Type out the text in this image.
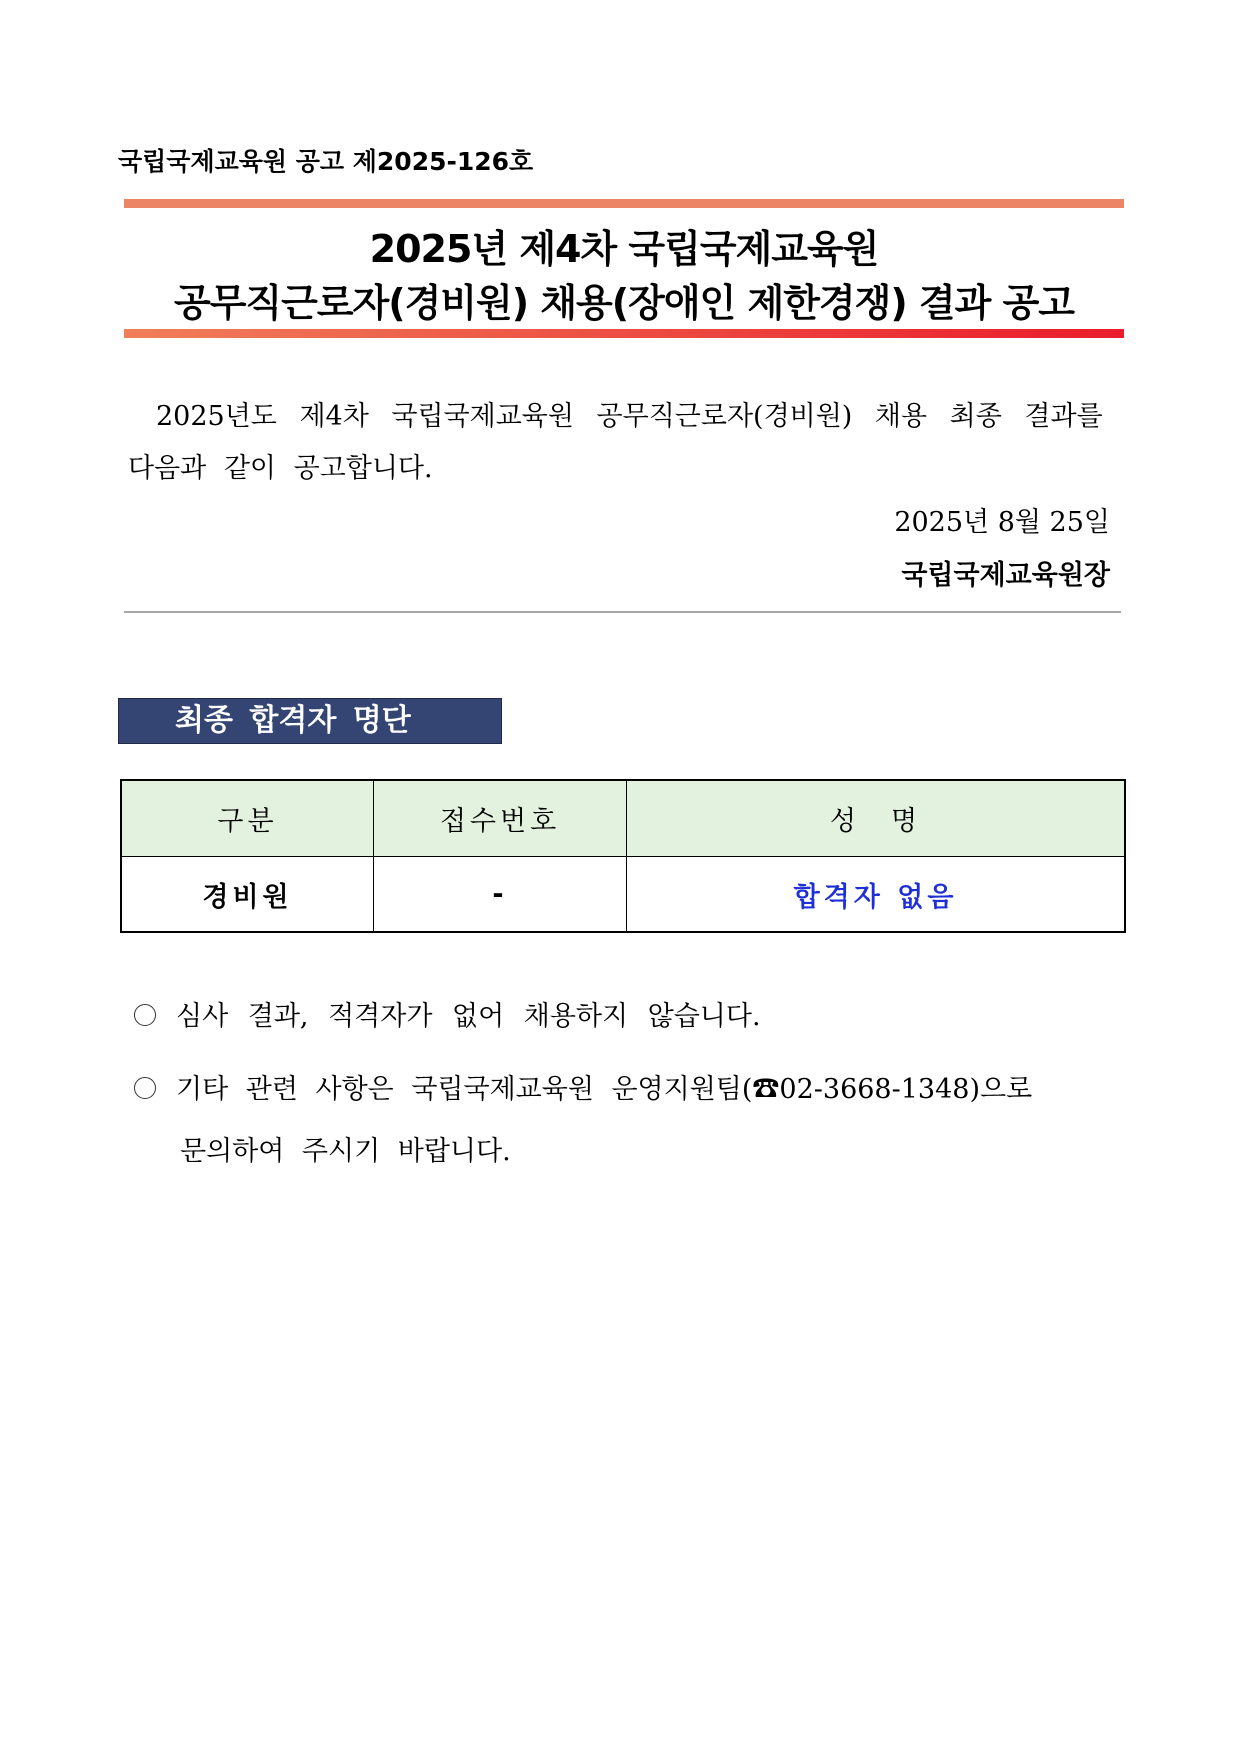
국립국제교육원 공고 제2025-126호
2025년 제4차 국립국제교육원
공무직근로자(경비원) 채용(장애인 제한경쟁) 결과 공고
2025년도 제4차 국립국제교육원 공무직근로자(경비원) 채용 최종 결과를
다음과 같이 공고합니다.
2025년 8월 25일
국립국제교육원장
최종 합격자 명단
구분	접수번호	성　명
경비원	-	합격자 없음
심사 결과, 적격자가 없어 채용하지 않습니다.
기타 관련 사항은 국립국제교육원 운영지원팀(☎02-3668-1348)으로
문의하여 주시기 바랍니다.
